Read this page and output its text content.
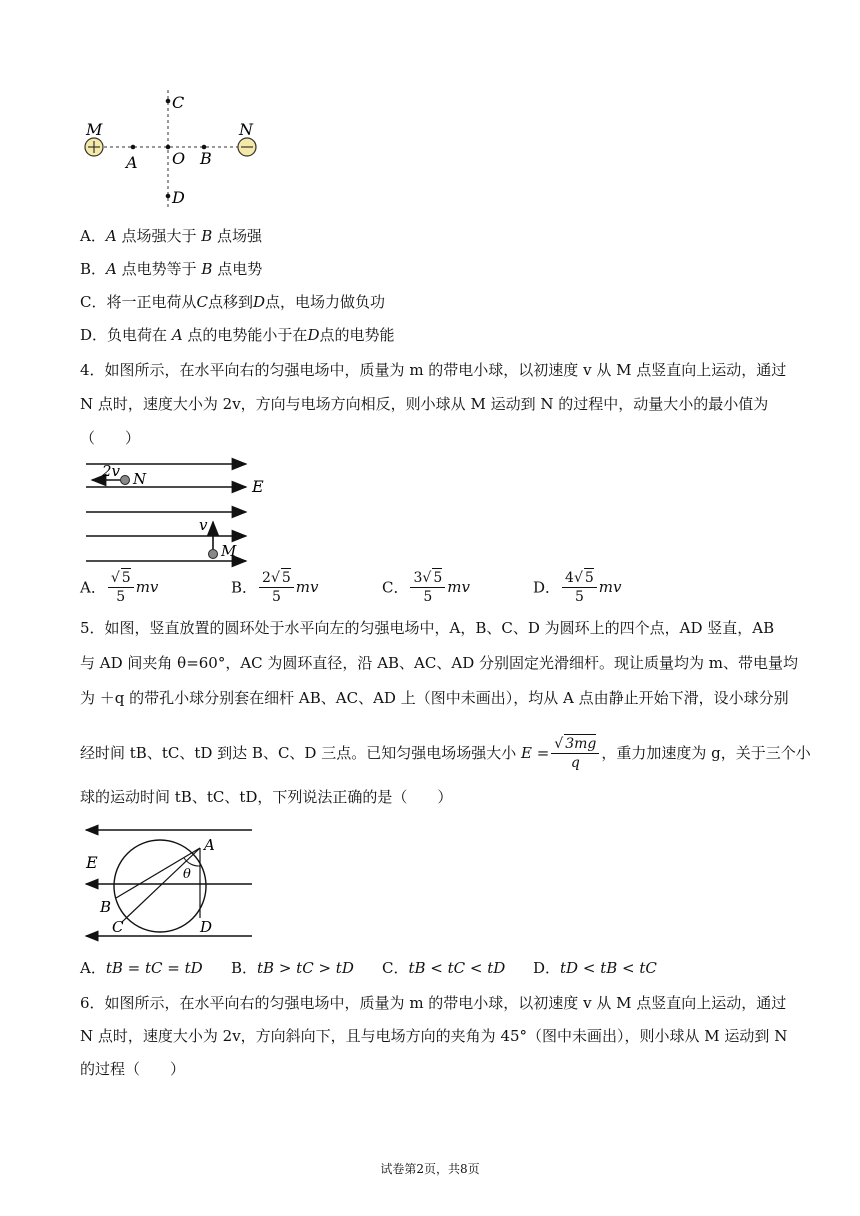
M	N
A O B
C
D
A．A 点场强大于 B 点场强
B．A 点电势等于 B 点电势
C．将一正电荷从C点移到D点，电场力做负功
D．负电荷在 A 点的电势能小于在D点的电势能
4．如图所示，在水平向右的匀强电场中，质量为 m 的带电小球，以初速度 v 从 M 点竖直向上运动，通过
N 点时，速度大小为 2v，方向与电场方向相反，则小球从 M 运动到 N 的过程中，动量大小的最小值为
（　　）
2v N	E
v
M
A． $\frac{√ 5}{5}$ mv	B． $\frac{2√ 5}{5}$ mv	C． $\frac{3√ 5}{5}$ mv	D． $\frac{4√ 5}{5}$ mv
5．如图，竖直放置的圆环处于水平向左的匀强电场中，A，B、C、D 为圆环上的四个点，AD 竖直，AB
与 AD 间夹角 θ=60°，AC 为圆环直径，沿 AB、AC、AD 分别固定光滑细杆。现让质量均为 m、带电量均
为 ＋q 的带孔小球分别套在细杆 AB、AC、AD 上（图中未画出），均从 A 点由静止开始下滑，设小球分别
经时间 tB、tC、tD 到达 B、C、D 三点。已知匀强电场场强大小 $E = \frac{√ 3mg}{q}$ ，重力加速度为 g，关于三个小
球的运动时间 tB、tC、tD，下列说法正确的是（　　）
E
A
θ
B
C	D
A．tB = tC = tD B．tB > tC > tD C．tB < tC < tD D．tD < tB < tC
6．如图所示，在水平向右的匀强电场中，质量为 m 的带电小球，以初速度 v 从 M 点竖直向上运动，通过
N 点时，速度大小为 2v，方向斜向下，且与电场方向的夹角为 45°（图中未画出），则小球从 M 运动到 N
的过程（　　）
试卷第2页，共8页
